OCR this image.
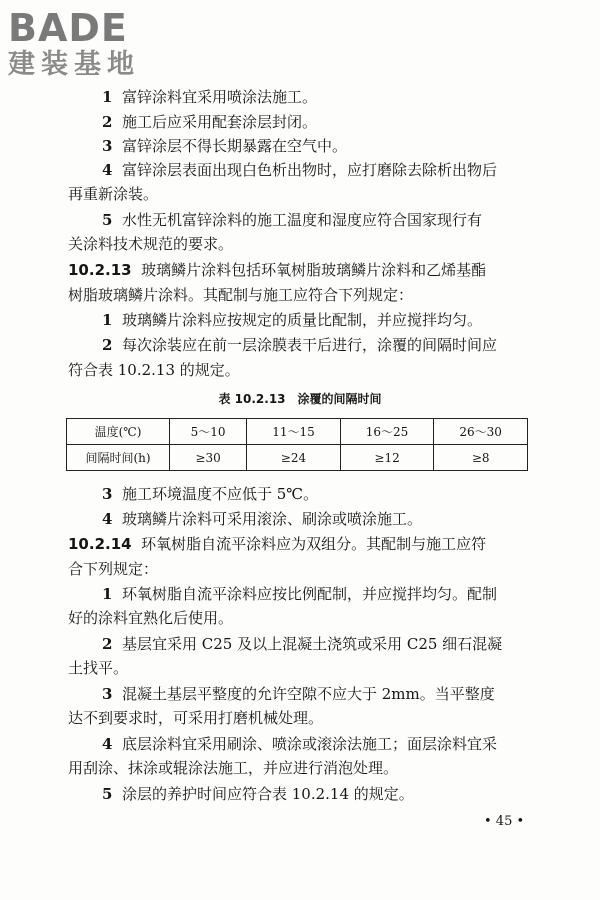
BADE
建装基地
1 富锌涂料宜采用喷涂法施工。
2 施工后应采用配套涂层封闭。
3 富锌涂层不得长期暴露在空气中。
4 富锌涂层表面出现白色析出物时，应打磨除去除析出物后
再重新涂装。
5 水性无机富锌涂料的施工温度和湿度应符合国家现行有
关涂料技术规范的要求。
10.2.13 玻璃鳞片涂料包括环氧树脂玻璃鳞片涂料和乙烯基酯
树脂玻璃鳞片涂料。其配制与施工应符合下列规定：
1 玻璃鳞片涂料应按规定的质量比配制，并应搅拌均匀。
2 每次涂装应在前一层涂膜表干后进行，涂覆的间隔时间应
符合表 10.2.13 的规定。
表 10.2.13　涂覆的间隔时间
温度(℃)	5～10	11～15	16～25	26～30
间隔时间(h)	≥30	≥24	≥12	≥8
3 施工环境温度不应低于 5℃。
4 玻璃鳞片涂料可采用滚涂、刷涂或喷涂施工。
10.2.14 环氧树脂自流平涂料应为双组分。其配制与施工应符
合下列规定：
1 环氧树脂自流平涂料应按比例配制，并应搅拌均匀。配制
好的涂料宜熟化后使用。
2 基层宜采用 C25 及以上混凝土浇筑或采用 C25 细石混凝
土找平。
3 混凝土基层平整度的允许空隙不应大于 2mm。当平整度
达不到要求时，可采用打磨机械处理。
4 底层涂料宜采用刷涂、喷涂或滚涂法施工；面层涂料宜采
用刮涂、抹涂或辊涂法施工，并应进行消泡处理。
5 涂层的养护时间应符合表 10.2.14 的规定。
• 45 •
